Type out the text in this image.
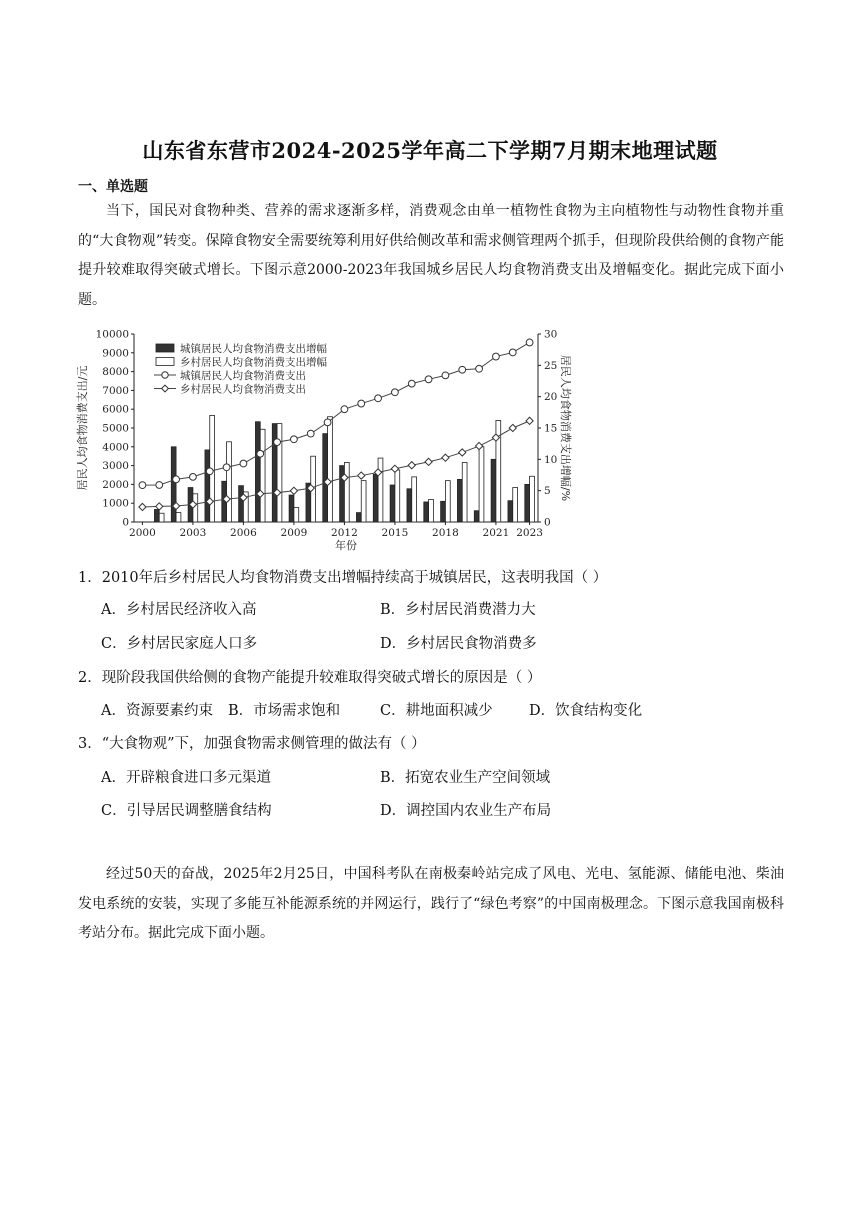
山东省东营市2024-2025学年高二下学期7月期末地理试题
一、单选题

当下，国民对食物种类、营养的需求逐渐多样，消费观念由单一植物性食物为主向植物性与动物性食物并重的“大食物观”转变。保障食物安全需要统筹利用好供给侧改革和需求侧管理两个抓手，但现阶段供给侧的食物产能提升较难取得突破式增长。下图示意2000-2023年我国城乡居民人均食物消费支出及增幅变化。据此完成下面小题。

0
1000
2000
3000
4000
5000
6000
7000
8000
9000
10000
0
5
10
15
20
25
30
2000 2003 2006 2009 2012 2015 2018 2021 2023
年份
居民人均食物消费支出/元	居民人均食物消费支出增幅/%
城镇居民人均食物消费支出增幅
乡村居民人均食物消费支出增幅
城镇居民人均食物消费支出
乡村居民人均食物消费支出
1．2010年后乡村居民人均食物消费支出增幅持续高于城镇居民，这表明我国（ ）
A．乡村居民经济收入高	B．乡村居民消费潜力大
C．乡村居民家庭人口多	D．乡村居民食物消费多
2．现阶段我国供给侧的食物产能提升较难取得突破式增长的原因是（ ）
A．资源要素约束 B．市场需求饱和	C．耕地面积减少	D．饮食结构变化
3．“大食物观”下，加强食物需求侧管理的做法有（ ）
A．开辟粮食进口多元渠道	B．拓宽农业生产空间领域
C．引导居民调整膳食结构	D．调控国内农业生产布局

经过50天的奋战，2025年2月25日，中国科考队在南极秦岭站完成了风电、光电、氢能源、储能电池、柴油发电系统的安装，实现了多能互补能源系统的并网运行，践行了“绿色考察”的中国南极理念。下图示意我国南极科考站分布。据此完成下面小题。
